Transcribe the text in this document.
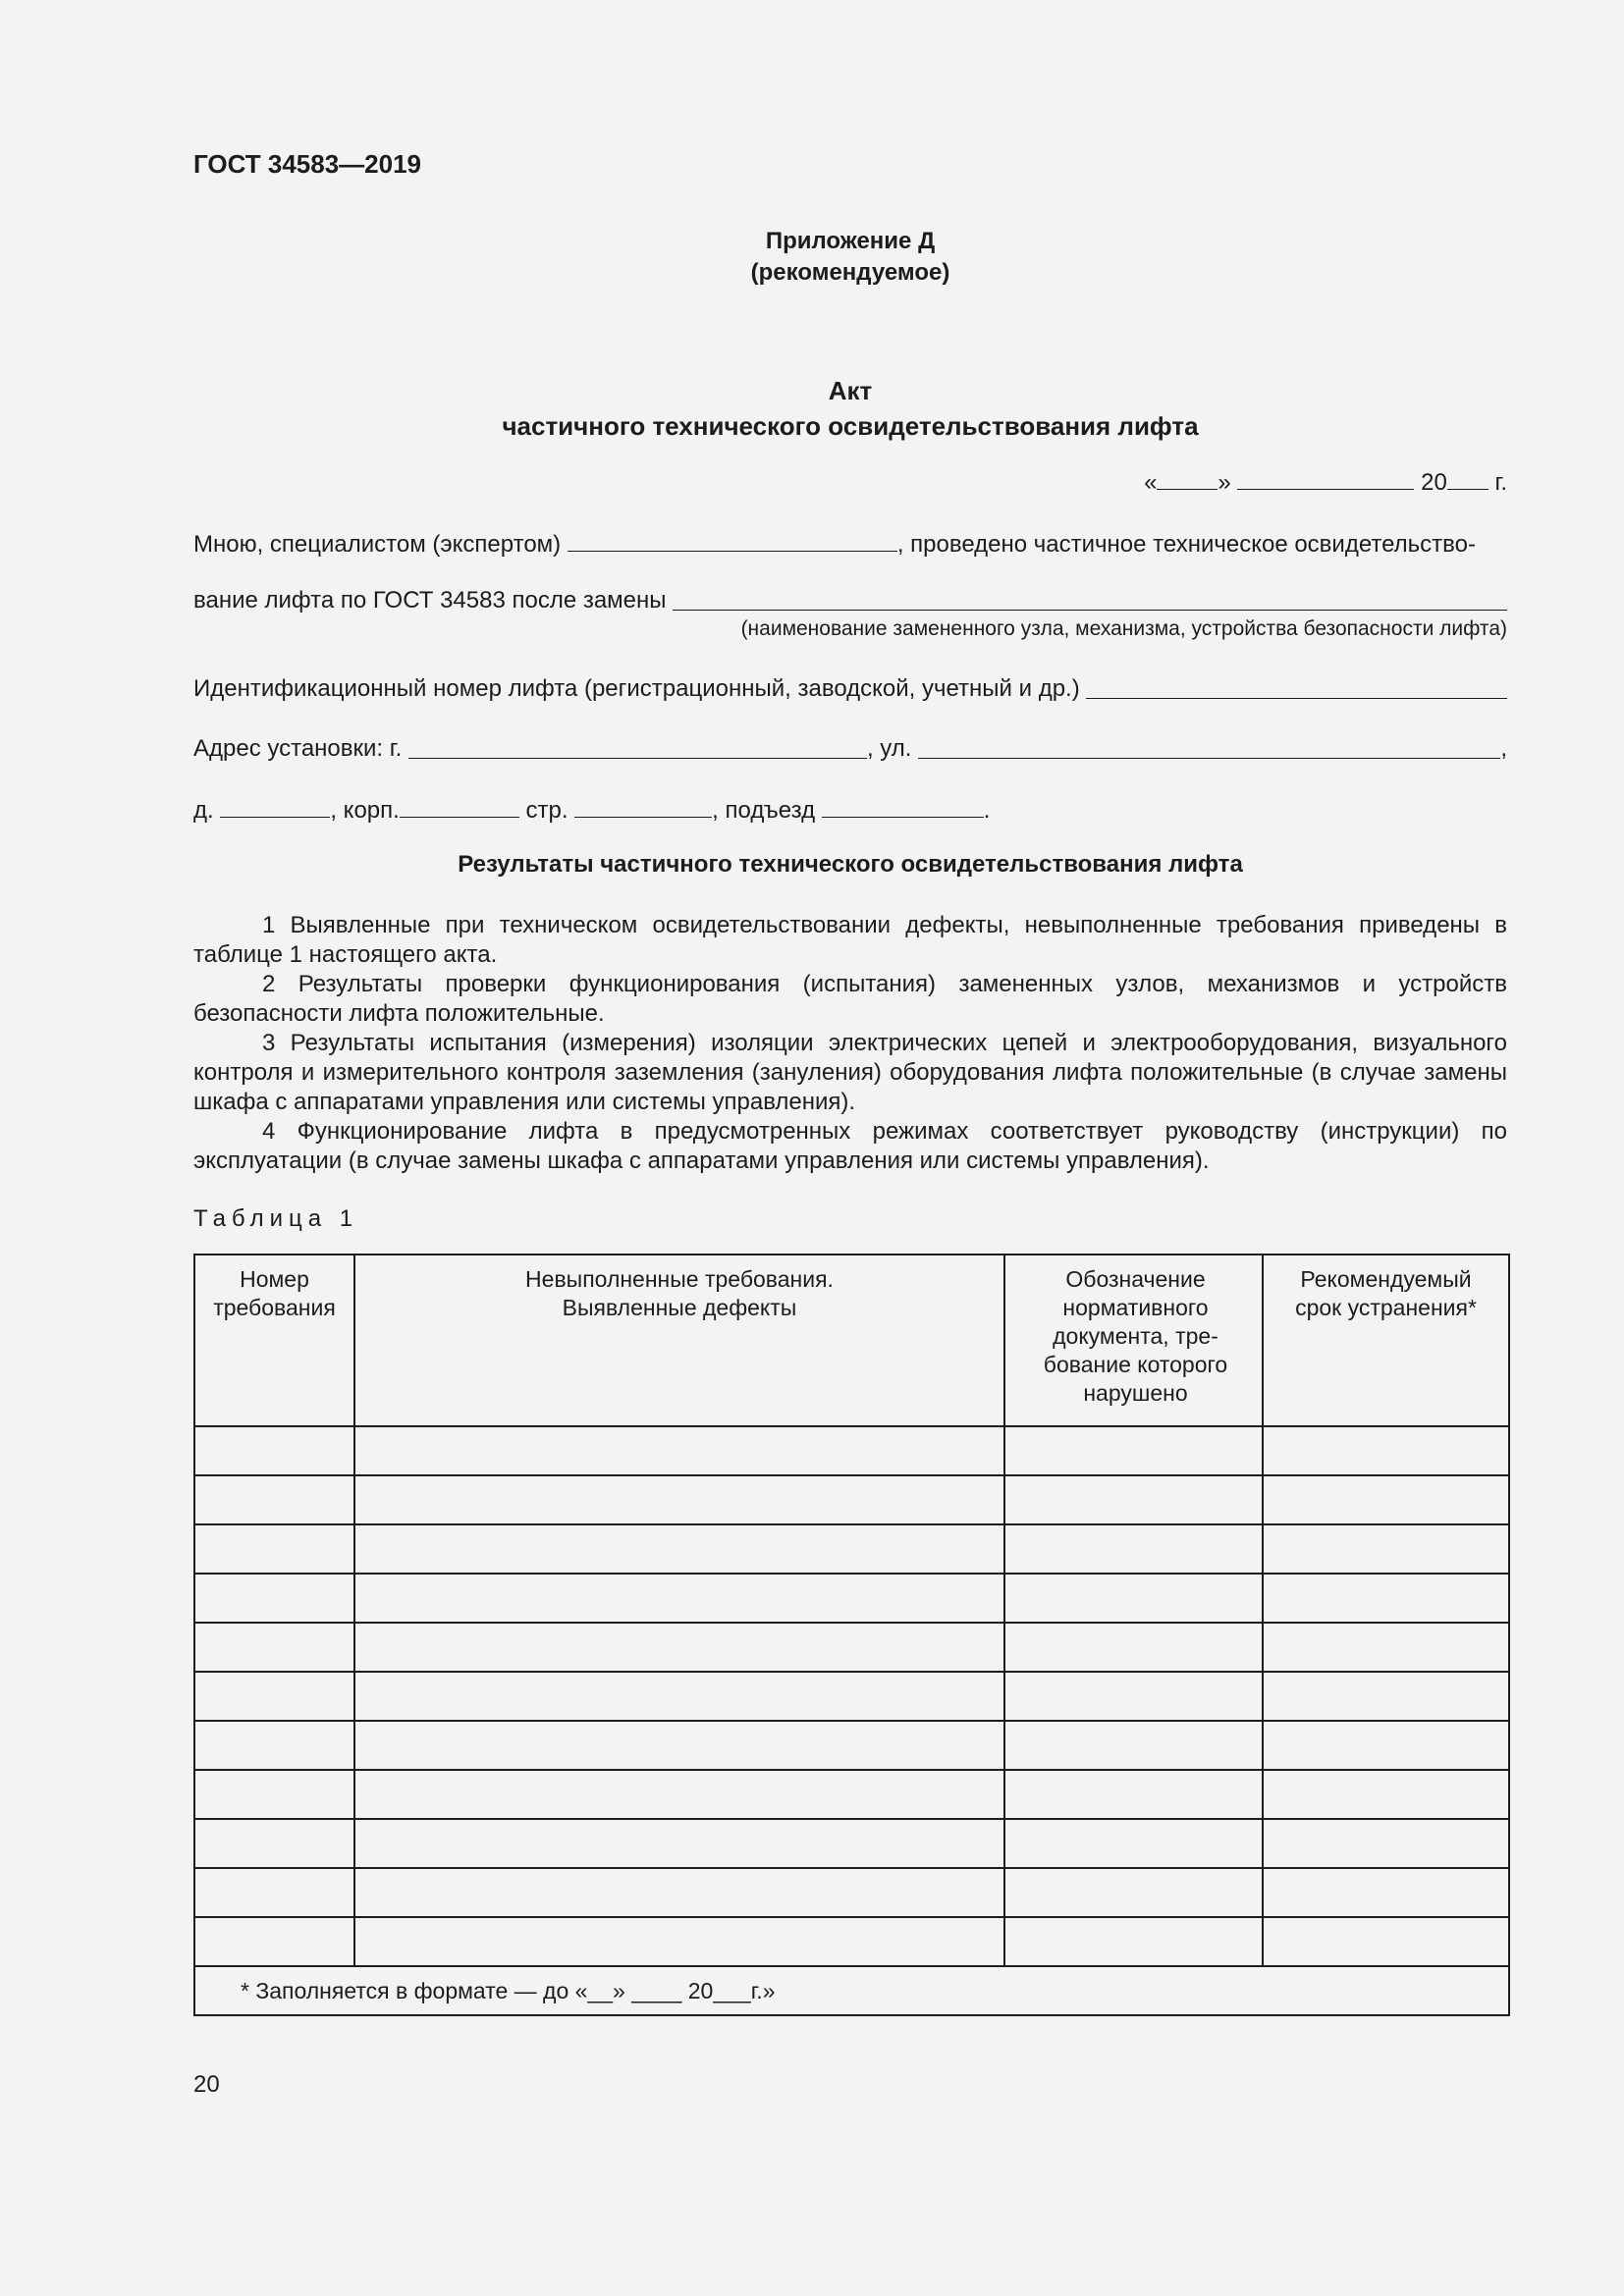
ГОСТ 34583—2019
Приложение Д
(рекомендуемое)
Акт
частичного технического освидетельствования лифта
«	»	20 г.
Мною, специалистом (экспертом)	, проведено частичное техническое освидетельство-
вание лифта по ГОСТ 34583 после замены

(наименование замененного узла, механизма, устройства безопасности лифта)
Идентификационный номер лифта (регистрационный, заводской, учетный и др.)

Адрес установки: г.
	, ул.
	,
д.	, корп.	стр.	, подъезд	.
Результаты частичного технического освидетельствования лифта

1 Выявленные при техническом освидетельствовании дефекты, невыполненные требования приведены в таблице 1 настоящего акта.

2 Результаты проверки функционирования (испытания) замененных узлов, механизмов и устройств безопасности лифта положительные.

3 Результаты испытания (измерения) изоляции электрических цепей и электрооборудования, визуального контроля и измерительного контроля заземления (зануления) оборудования лифта положительные (в случае замены шкафа с аппаратами управления или системы управления).

4 Функционирование лифта в предусмотренных режимах соответствует руководству (инструкции) по эксплуатации (в случае замены шкафа с аппаратами управления или системы управления).

Таблица 1
Номер требования	Невыполненные требования. Выявленные дефекты	Обозначение нормативного документа, тре-бование которого нарушено	Рекомендуемый срок устранения*

* Заполняется в формате — до «__» ____ 20___г.»			
20
